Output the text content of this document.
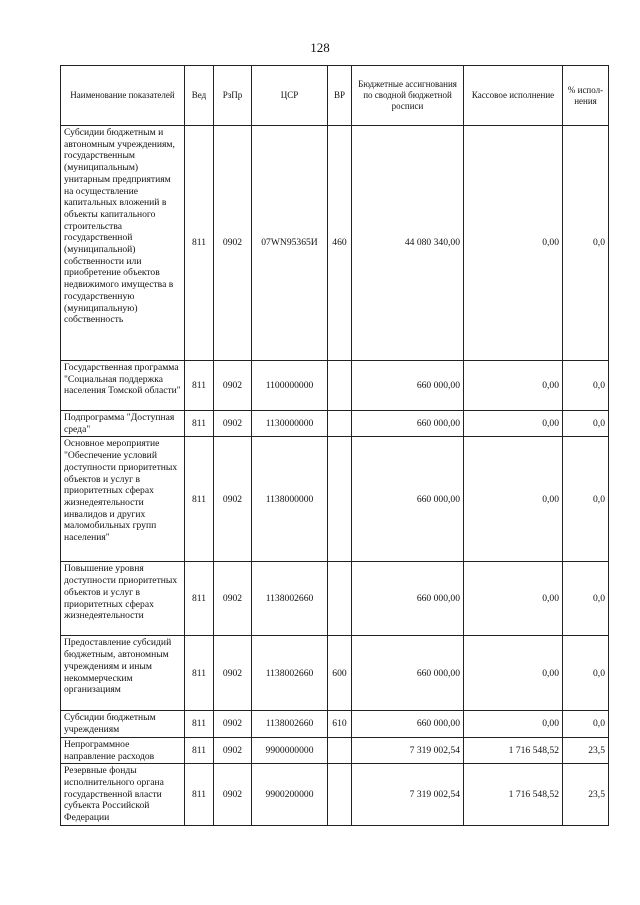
128
Наименование показателей	Вед	РзПр	ЦСР	ВР	Бюджетные ассигнования по сводной бюджетной росписи	Кассовое исполнение	% испол-нения
Субсидии бюджетным и автономным учреждениям, государственным (муниципальным) унитарным предприятиям на осуществление капитальных вложений в объекты капитального строительства государственной (муниципальной) собственности или приобретение объектов недвижимого имущества в государственную (муниципальную) собственность	811	0902	07WN95365И	460	44 080 340,00	0,00	0,0
Государственная программа "Социальная поддержка населения Томской области"	811	0902	1100000000		660 000,00	0,00	0,0
Подпрограмма "Доступная среда"	811	0902	1130000000		660 000,00	0,00	0,0
Основное мероприятие "Обеспечение условий доступности приоритетных объектов и услуг в приоритетных сферах жизнедеятельности инвалидов и других маломобильных групп населения"	811	0902	1138000000		660 000,00	0,00	0,0
Повышение уровня доступности приоритетных объектов и услуг в приоритетных сферах жизнедеятельности	811	0902	1138002660		660 000,00	0,00	0,0
Предоставление субсидий бюджетным, автономным учреждениям и иным некоммерческим организациям	811	0902	1138002660	600	660 000,00	0,00	0,0
Субсидии бюджетным учреждениям	811	0902	1138002660	610	660 000,00	0,00	0,0
Непрограммное направление расходов	811	0902	9900000000		7 319 002,54	1 716 548,52	23,5
Резервные фонды исполнительного органа государственной власти субъекта Российской Федерации	811	0902	9900200000		7 319 002,54	1 716 548,52	23,5
